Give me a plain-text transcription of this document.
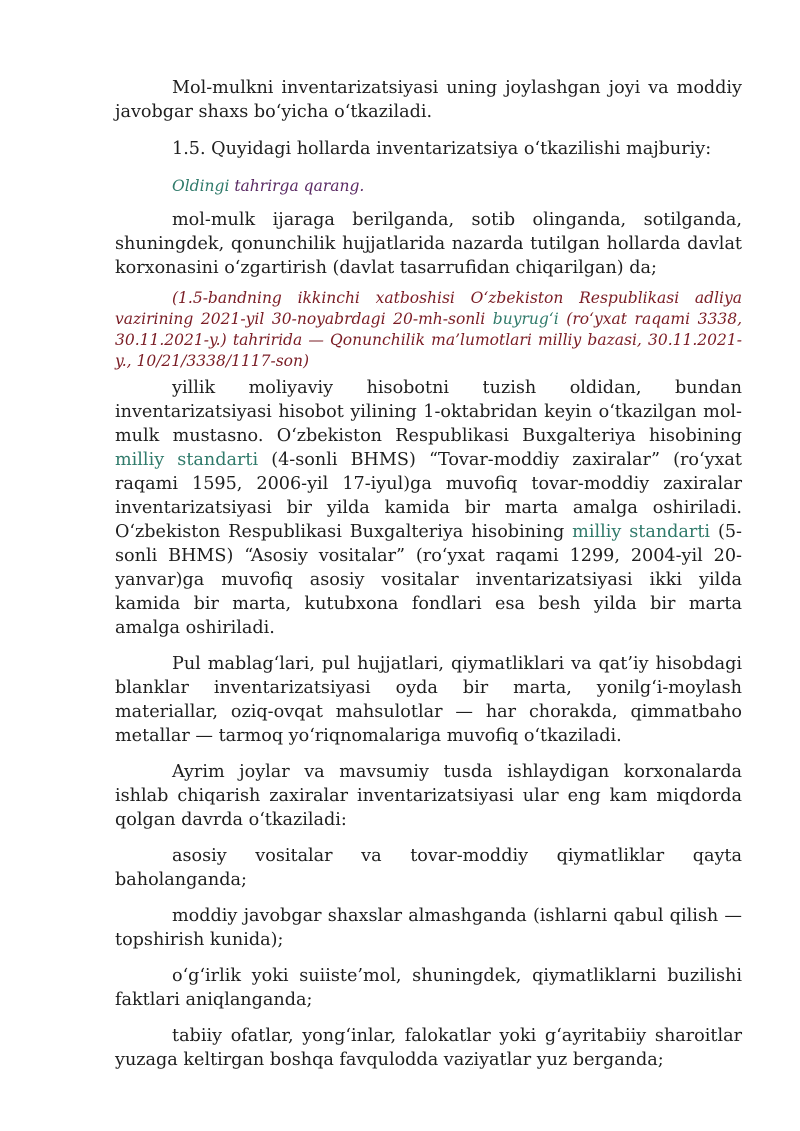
Mol-mulkni inventarizatsiyasi uning joylashgan joyi va moddiy javobgar shaxs bo‘yicha o‘tkaziladi.

1.5. Quyidagi hollarda inventarizatsiya o‘tkazilishi majburiy:

Oldingi tahrirga qarang.

mol-mulk ijaraga berilganda, sotib olinganda, sotilganda, shuningdek, qonunchilik hujjatlarida nazarda tutilgan hollarda davlat korxonasini o‘zgartirish (davlat tasarrufidan chiqarilgan) da;

(1.5-bandning ikkinchi xatboshisi O‘zbekiston Respublikasi adliya vazirining 2021-yil 30-noyabrdagi 20-mh-sonli buyrug‘i (ro‘yxat raqami 3338, 30.11.2021-y.) tahririda — Qonunchilik ma’lumotlari milliy bazasi, 30.11.2021-y., 10/21/3338/1117-son)

yillik moliyaviy hisobotni tuzish oldidan, bundan inventarizatsiyasi hisobot yilining 1-oktabridan keyin o‘tkazilgan mol-mulk mustasno. O‘zbekiston Respublikasi Buxgalteriya hisobining milliy standarti (4-sonli BHMS) “Tovar-moddiy zaxiralar” (ro‘yxat raqami 1595, 2006-yil 17-iyul)ga muvofiq tovar-moddiy zaxiralar inventarizatsiyasi bir yilda kamida bir marta amalga oshiriladi. O‘zbekiston Respublikasi Buxgalteriya hisobining milliy standarti (5-sonli BHMS) “Asosiy vositalar” (ro‘yxat raqami 1299, 2004-yil 20-yanvar)ga muvofiq asosiy vositalar inventarizatsiyasi ikki yilda kamida bir marta, kutubxona fondlari esa besh yilda bir marta amalga oshiriladi.

Pul mablag‘lari, pul hujjatlari, qiymatliklari va qat’iy hisobdagi blanklar inventarizatsiyasi oyda bir marta, yonilg‘i-moylash materiallar, oziq-ovqat mahsulotlar — har chorakda, qimmatbaho metallar — tarmoq yo‘riqnomalariga muvofiq o‘tkaziladi.

Ayrim joylar va mavsumiy tusda ishlaydigan korxonalarda ishlab chiqarish zaxiralar inventarizatsiyasi ular eng kam miqdorda qolgan davrda o‘tkaziladi:

asosiy vositalar va tovar-moddiy qiymatliklar qayta baholanganda;

moddiy javobgar shaxslar almashganda (ishlarni qabul qilish — topshirish kunida);

o‘g‘irlik yoki suiiste’mol, shuningdek, qiymatliklarni buzilishi faktlari aniqlanganda;

tabiiy ofatlar, yong‘inlar, falokatlar yoki g‘ayritabiiy sharoitlar yuzaga keltirgan boshqa favqulodda vaziyatlar yuz berganda;
